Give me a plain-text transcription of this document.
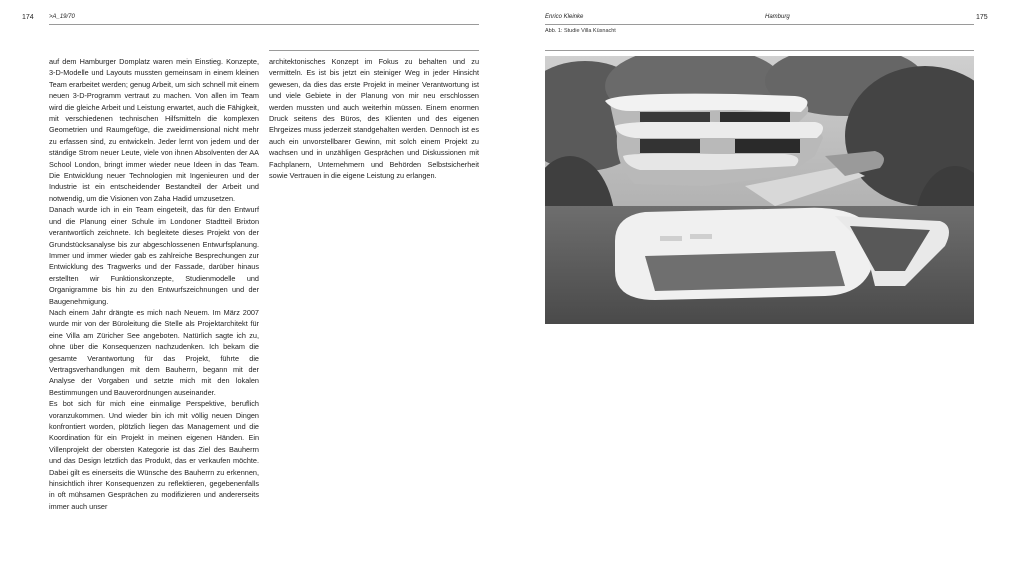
174	>A_19/70

auf dem Hamburger Domplatz waren mein Einstieg. Konzepte, 3-D-Modelle und Layouts mussten gemeinsam in einem kleinen Team erarbeitet werden; genug Arbeit, um sich schnell mit einem neuen 3-D-Programm vertraut zu machen. Von allen im Team wird die gleiche Arbeit und Leistung erwartet, auch die Fähigkeit, mit verschiedenen technischen Hilfsmitteln die komplexen Geometrien und Raumgefüge, die zweidimensional nicht mehr zu erfassen sind, zu entwickeln. Jeder lernt von jedem und der ständige Strom neuer Leute, viele von ihnen Absolventen der AA School London, bringt immer wieder neue Ideen in das Team. Die Entwicklung neuer Technologien mit Ingenieuren und der Industrie ist ein entscheidender Bestandteil der Arbeit und notwendig, um die Visionen von Zaha Hadid umzusetzen.

Danach wurde ich in ein Team eingeteilt, das für den Entwurf und die Planung einer Schule im Londoner Stadtteil Brixton verantwortlich zeichnete. Ich begleitete dieses Projekt von der Grundstücksanalyse bis zur abgeschlossenen Entwurfsplanung. Immer und immer wieder gab es zahlreiche Besprechungen zur Entwicklung des Tragwerks und der Fassade, darüber hinaus erstellten wir Funktionskonzepte, Studienmodelle und Organigramme bis hin zu den Entwurfszeichnungen und der Baugenehmigung.

Nach einem Jahr drängte es mich nach Neuem. Im März 2007 wurde mir von der Büroleitung die Stelle als Projektarchitekt für eine Villa am Züricher See angeboten. Natürlich sagte ich zu, ohne über die Konsequenzen nachzudenken. Ich bekam die gesamte Verantwortung für das Projekt, führte die Vertragsverhandlungen mit dem Bauherrn, begann mit der Analyse der Vorgaben und setzte mich mit den lokalen Bestimmungen und Bauverordnungen auseinander.

Es bot sich für mich eine einmalige Perspektive, beruflich voranzukommen. Und wieder bin ich mit völlig neuen Dingen konfrontiert worden, plötzlich liegen das Management und die Koordination für ein Projekt in meinen eigenen Händen. Ein Villenprojekt der obersten Kategorie ist das Ziel des Bauherrn und das Design letztlich das Produkt, das er verkaufen möchte. Dabei gilt es einerseits die Wünsche des Bauherrn zu erkennen, hinsichtlich ihrer Konsequenzen zu reflektieren, gegebenenfalls in oft mühsamen Gesprächen zu modifizieren und andererseits immer auch unser

architektonisches Konzept im Fokus zu behalten und zu vermitteln. Es ist bis jetzt ein steiniger Weg in jeder Hinsicht gewesen, da dies das erste Projekt in meiner Verantwortung ist und viele Gebiete in der Planung von mir neu erschlossen werden mussten und auch weiterhin müssen. Einem enormen Druck seitens des Büros, des Klienten und des eigenen Ehrgeizes muss jederzeit standgehalten werden. Dennoch ist es auch ein unvorstellbarer Gewinn, mit solch einem Projekt zu wachsen und in unzähligen Gesprächen und Diskussionen mit Fachplanern, Unternehmern und Behörden Selbstsicherheit sowie Vertrauen in die eigene Leistung zu erlangen.

Enrico Kleinke	Hamburg	175
Abb. 1: Studie Villa Küsnacht
